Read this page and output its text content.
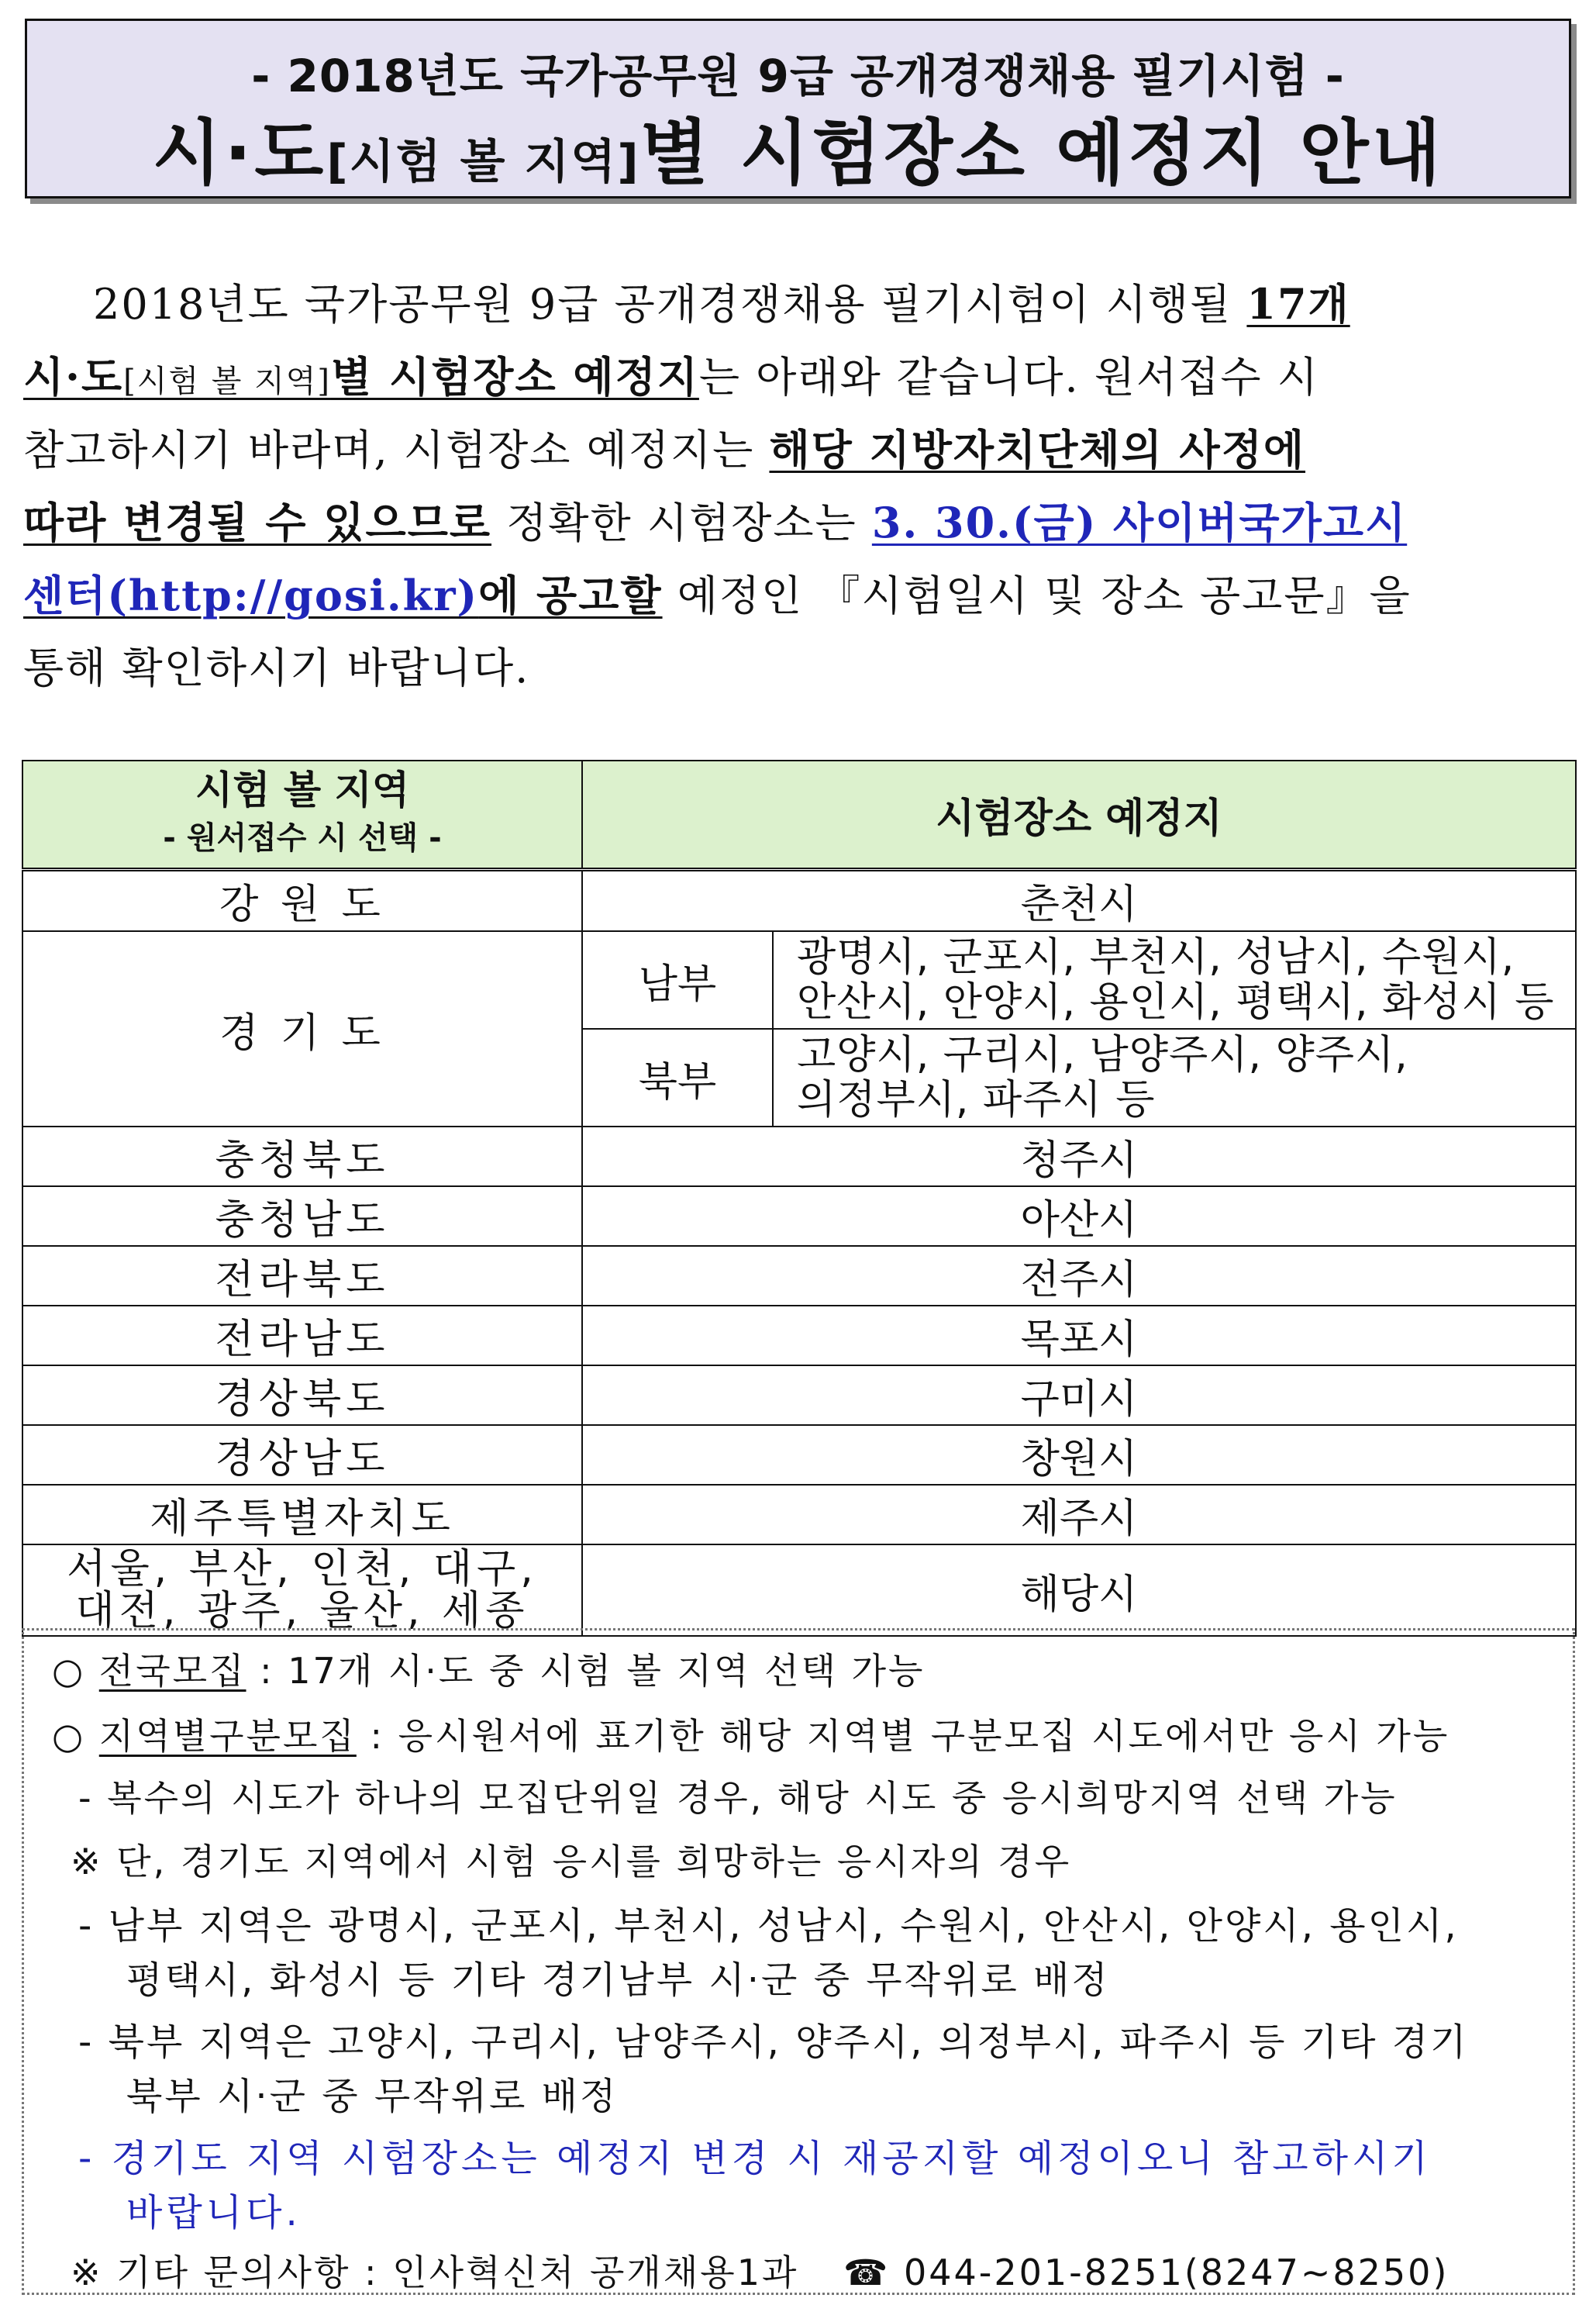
- 2018년도 국가공무원 9급 공개경쟁채용 필기시험 -
시·도[시험 볼 지역]별 시험장소 예정지 안내
2018년도 국가공무원 9급 공개경쟁채용 필기시험이 시행될 17개
시·도[시험 볼 지역]별 시험장소 예정지는 아래와 같습니다. 원서접수 시
참고하시기 바라며, 시험장소 예정지는 해당 지방자치단체의 사정에
따라 변경될 수 있으므로 정확한 시험장소는 3. 30.(금) 사이버국가고시
센터(http://gosi.kr)에 공고할 예정인 『시험일시 및 장소 공고문』을
통해 확인하시기 바랍니다.
시험 볼 지역
- 원서접수 시 선택 -	시험장소 예정지	
강 원 도	춘천시	
경 기 도	남부	광명시, 군포시, 부천시, 성남시, 수원시,
안산시, 안양시, 용인시, 평택시, 화성시 등

	북부	고양시, 구리시, 남양주시, 양주시,
의정부시, 파주시 등

충청북도	청주시	
충청남도	아산시	
전라북도	전주시	
전라남도	목포시	
경상북도	구미시	
경상남도	창원시	
제주특별자치도	제주시	

서울, 부산, 인천, 대구,
대전, 광주, 울산, 세종	해당시	
○ 전국모집 : 17개 시·도 중 시험 볼 지역 선택 가능
○ 지역별구분모집 : 응시원서에 표기한 해당 지역별 구분모집 시도에서만 응시 가능
- 복수의 시도가 하나의 모집단위일 경우, 해당 시도 중 응시희망지역 선택 가능
※ 단, 경기도 지역에서 시험 응시를 희망하는 응시자의 경우
- 남부 지역은 광명시, 군포시, 부천시, 성남시, 수원시, 안산시, 안양시, 용인시,
평택시, 화성시 등 기타 경기남부 시·군 중 무작위로 배정
- 북부 지역은 고양시, 구리시, 남양주시, 양주시, 의정부시, 파주시 등 기타 경기
북부 시·군 중 무작위로 배정
- 경기도 지역 시험장소는 예정지 변경 시 재공지할 예정이오니 참고하시기
바랍니다.
※ 기타 문의사항 : 인사혁신처 공개채용1과 ☎ 044-201-8251(8247~8250)
